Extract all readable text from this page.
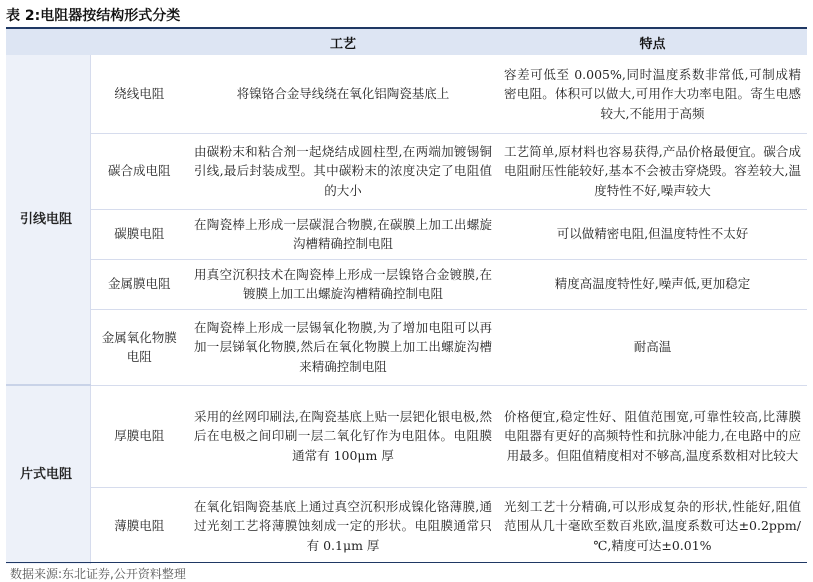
表 2:电阻器按结构形式分类
		工艺	特点
引线电阻	绕线电阻	将镍铬合金导线绕在氧化铝陶瓷基底上	容差可低至 0.005%,同时温度系数非常低,可制成精密电阻。体积可以做大,可用作大功率电阻。寄生电感较大,不能用于高频
	碳合成电阻	由碳粉末和粘合剂一起烧结成圆柱型,在两端加镀锡铜引线,最后封装成型。其中碳粉末的浓度决定了电阻值的大小	工艺简单,原材料也容易获得,产品价格最便宜。碳合成电阻耐压性能较好,基本不会被击穿烧毁。容差较大,温度特性不好,噪声较大
	碳膜电阻	在陶瓷棒上形成一层碳混合物膜,在碳膜上加工出螺旋沟槽精确控制电阻	可以做精密电阻,但温度特性不太好
	金属膜电阻	用真空沉积技术在陶瓷棒上形成一层镍铬合金镀膜,在镀膜上加工出螺旋沟槽精确控制电阻	精度高温度特性好,噪声低,更加稳定
	金属氧化物膜电阻	在陶瓷棒上形成一层锡氧化物膜,为了增加电阻可以再加一层锑氧化物膜,然后在氧化物膜上加工出螺旋沟槽来精确控制电阻	耐高温
片式电阻	厚膜电阻	采用的丝网印刷法,在陶瓷基底上贴一层钯化银电极,然后在电极之间印刷一层二氧化钌作为电阻体。电阻膜通常有 100μm 厚	价格便宜,稳定性好、阻值范围宽,可靠性较高,比薄膜电阻器有更好的高频特性和抗脉冲能力,在电路中的应用最多。但阻值精度相对不够高,温度系数相对比较大
	薄膜电阻	在氧化铝陶瓷基底上通过真空沉积形成镍化铬薄膜,通过光刻工艺将薄膜蚀刻成一定的形状。电阻膜通常只有 0.1μm 厚	光刻工艺十分精确,可以形成复杂的形状,性能好,阻值范围从几十毫欧至数百兆欧,温度系数可达±0.2ppm/℃,精度可达±0.01%
数据来源:东北证券,公开资料整理
